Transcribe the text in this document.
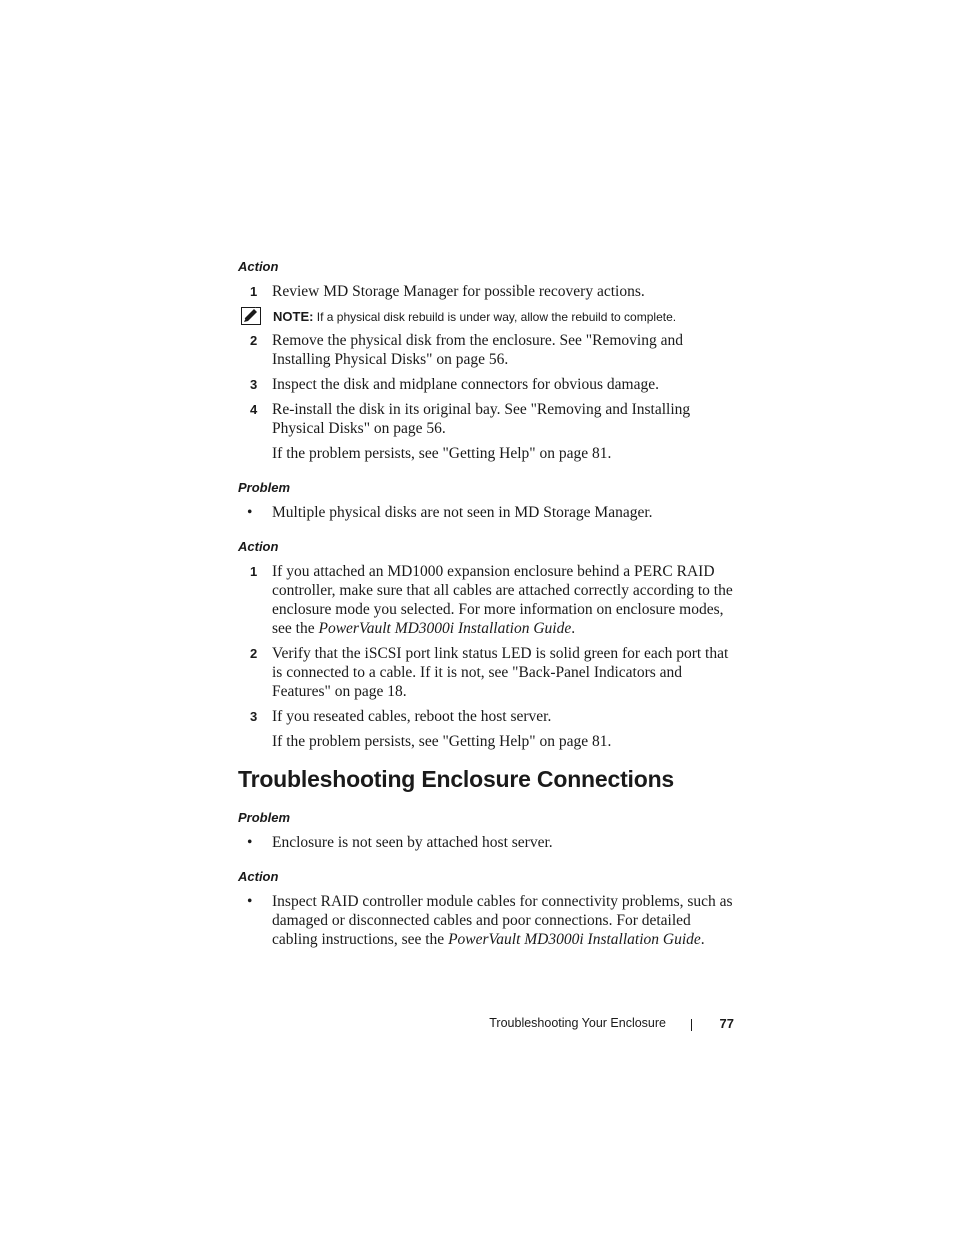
Action
1 Review MD Storage Manager for possible recovery actions.
NOTE: If a physical disk rebuild is under way, allow the rebuild to complete.
2 Remove the physical disk from the enclosure. See "Removing and Installing Physical Disks" on page 56.
3 Inspect the disk and midplane connectors for obvious damage.
4 Re-install the disk in its original bay. See "Removing and Installing Physical Disks" on page 56.
If the problem persists, see "Getting Help" on page 81.
Problem
• Multiple physical disks are not seen in MD Storage Manager.
Action
1 If you attached an MD1000 expansion enclosure behind a PERC RAID controller, make sure that all cables are attached correctly according to the enclosure mode you selected. For more information on enclosure modes, see the PowerVault MD3000i Installation Guide.
2 Verify that the iSCSI port link status LED is solid green for each port that is connected to a cable. If it is not, see "Back-Panel Indicators and Features" on page 18.
3 If you reseated cables, reboot the host server.
If the problem persists, see "Getting Help" on page 81.
Troubleshooting Enclosure Connections
Problem
• Enclosure is not seen by attached host server.
Action
• Inspect RAID controller module cables for connectivity problems, such as damaged or disconnected cables and poor connections. For detailed cabling instructions, see the PowerVault MD3000i Installation Guide.
Troubleshooting Your Enclosure	77
